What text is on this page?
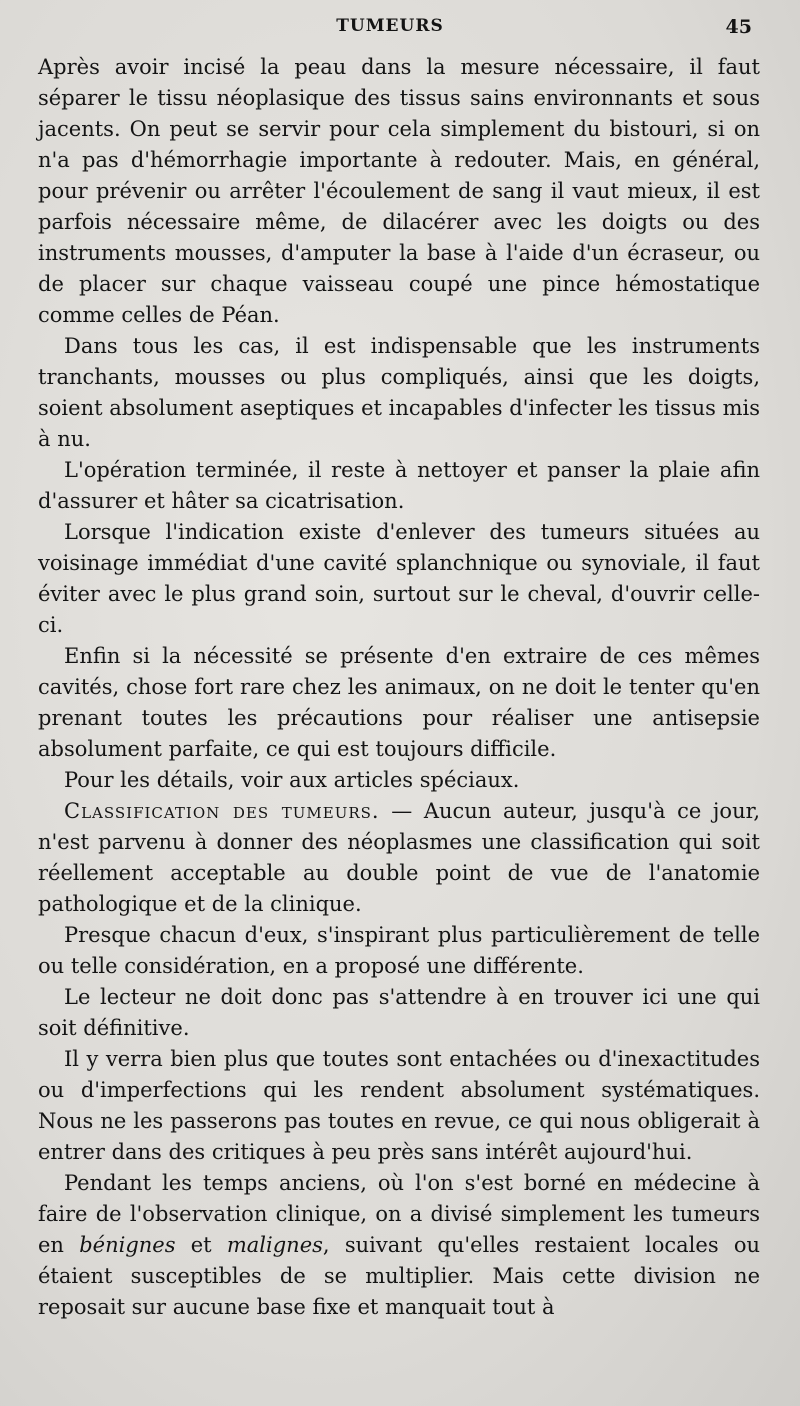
TUMEURS	45

Après avoir incisé la peau dans la mesure nécessaire, il faut séparer le tissu néoplasique des tissus sains environnants et sous jacents. On peut se servir pour cela simplement du bistouri, si on n'a pas d'hémorrhagie importante à redouter. Mais, en général, pour prévenir ou arrêter l'écoulement de sang il vaut mieux, il est parfois nécessaire même, de dilacérer avec les doigts ou des instruments mousses, d'amputer la base à l'aide d'un écraseur, ou de placer sur chaque vaisseau coupé une pince hémostatique comme celles de Péan.

Dans tous les cas, il est indispensable que les instruments tranchants, mousses ou plus compliqués, ainsi que les doigts, soient absolument aseptiques et incapables d'infecter les tissus mis à nu.

L'opération terminée, il reste à nettoyer et panser la plaie afin d'assurer et hâter sa cicatrisation.

Lorsque l'indication existe d'enlever des tumeurs situées au voisinage immédiat d'une cavité splanchnique ou synoviale, il faut éviter avec le plus grand soin, surtout sur le cheval, d'ouvrir celle-ci.

Enfin si la nécessité se présente d'en extraire de ces mêmes cavités, chose fort rare chez les animaux, on ne doit le tenter qu'en prenant toutes les précautions pour réaliser une antisepsie absolument parfaite, ce qui est toujours difficile.

Pour les détails, voir aux articles spéciaux.

Classification des tumeurs. — Aucun auteur, jusqu'à ce jour, n'est parvenu à donner des néoplasmes une classification qui soit réellement acceptable au double point de vue de l'anatomie pathologique et de la clinique.

Presque chacun d'eux, s'inspirant plus particulièrement de telle ou telle considération, en a proposé une différente.

Le lecteur ne doit donc pas s'attendre à en trouver ici une qui soit définitive.

Il y verra bien plus que toutes sont entachées ou d'inexactitudes ou d'imperfections qui les rendent absolument systématiques. Nous ne les passerons pas toutes en revue, ce qui nous obligerait à entrer dans des critiques à peu près sans intérêt aujourd'hui.

Pendant les temps anciens, où l'on s'est borné en médecine à faire de l'observation clinique, on a divisé simplement les tumeurs en bénignes et malignes, suivant qu'elles restaient locales ou étaient susceptibles de se multiplier. Mais cette division ne reposait sur aucune base fixe et manquait tout à
